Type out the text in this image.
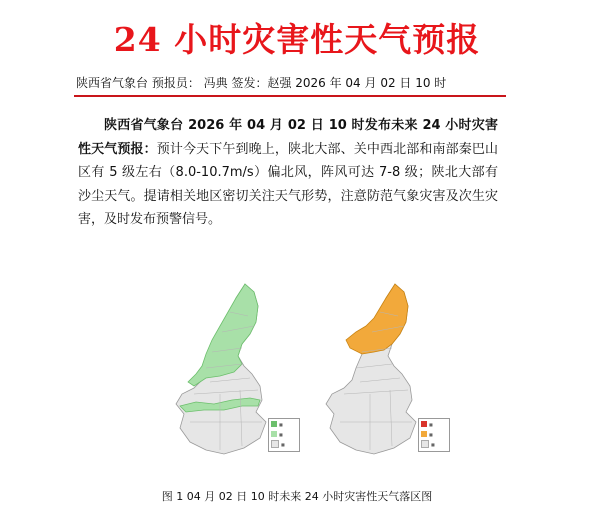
24 小时灾害性天气预报
陕西省气象台 预报员： 冯典 签发：赵强 2026 年 04 月 02 日 10 时
陕西省气象台 2026 年 04 月 02 日 10 时发布未来 24 小时灾害性天气预报：预计今天下午到晚上，陕北大部、关中西北部和南部秦巴山区有 5 级左右（8.0-10.7m/s）偏北风，阵风可达 7-8 级；陕北大部有沙尘天气。提请相关地区密切关注天气形势，注意防范气象灾害及次生灾害，及时发布预警信号。
■
■
■
■
■
■
图 1 04 月 02 日 10 时未来 24 小时灾害性天气落区图
